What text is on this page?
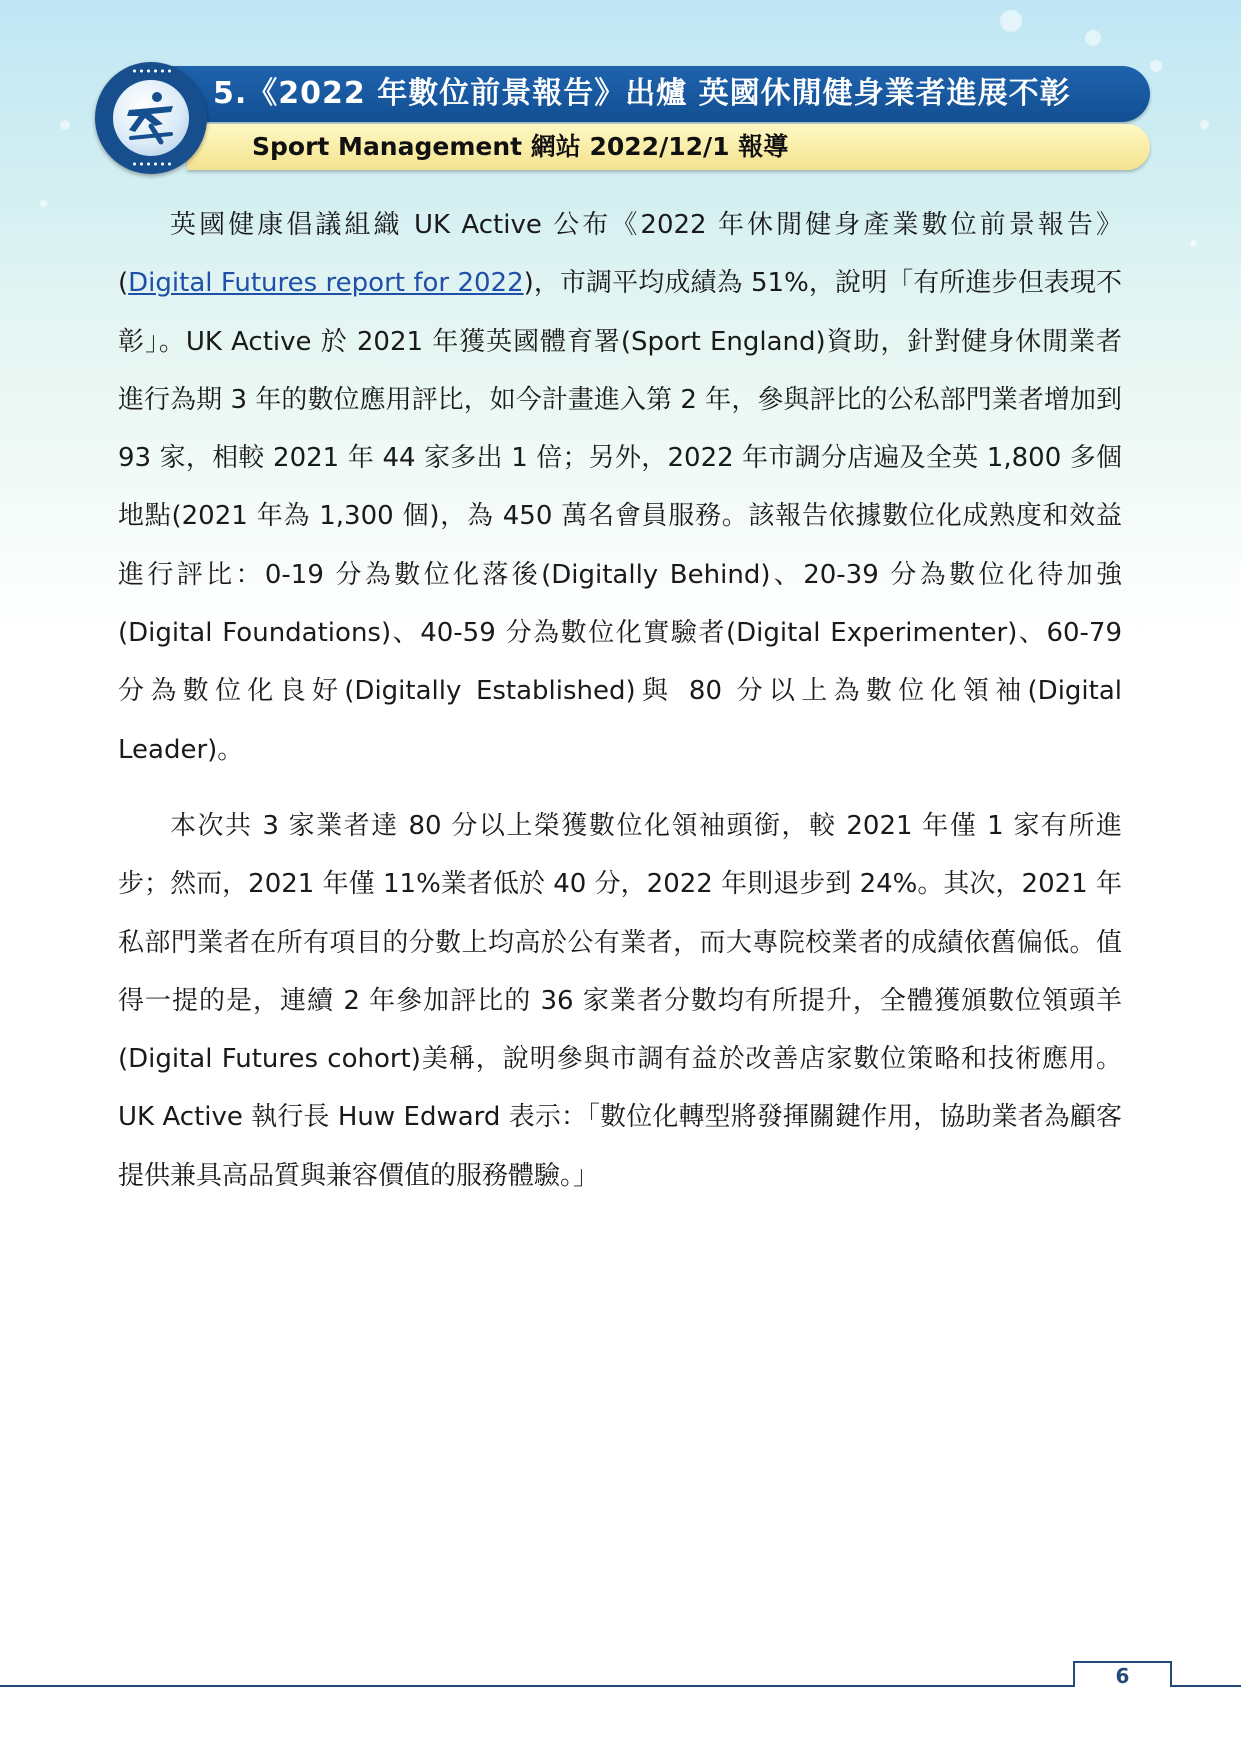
5.《2022 年數位前景報告》出爐 英國休閒健身業者進展不彰
Sport Management 網站 2022/12/1 報導

英國健康倡議組織 UK Active 公布《2022 年休閒健身產業數位前景報告》(Digital Futures report for 2022)，市調平均成績為 51%，說明「有所進步但表現不彰」。UK Active 於 2021 年獲英國體育署(Sport England)資助，針對健身休閒業者進行為期 3 年的數位應用評比，如今計畫進入第 2 年，參與評比的公私部門業者增加到 93 家，相較 2021 年 44 家多出 1 倍；另外，2022 年市調分店遍及全英 1,800 多個地點(2021 年為 1,300 個)，為 450 萬名會員服務。該報告依據數位化成熟度和效益進行評比：0-19 分為數位化落後(Digitally Behind)、20-39 分為數位化待加強(Digital Foundations)、40-59 分為數位化實驗者(Digital Experimenter)、60-79 分為數位化良好(Digitally Established)與 80 分以上為數位化領袖(Digital Leader)。

本次共 3 家業者達 80 分以上榮獲數位化領袖頭銜，較 2021 年僅 1 家有所進步；然而，2021 年僅 11%業者低於 40 分，2022 年則退步到 24%。其次，2021 年私部門業者在所有項目的分數上均高於公有業者，而大專院校業者的成績依舊偏低。值得一提的是，連續 2 年參加評比的 36 家業者分數均有所提升，全體獲頒數位領頭羊(Digital Futures cohort)美稱，說明參與市調有益於改善店家數位策略和技術應用。UK Active 執行長 Huw Edward 表示：「數位化轉型將發揮關鍵作用，協助業者為顧客提供兼具高品質與兼容價值的服務體驗。」

6
